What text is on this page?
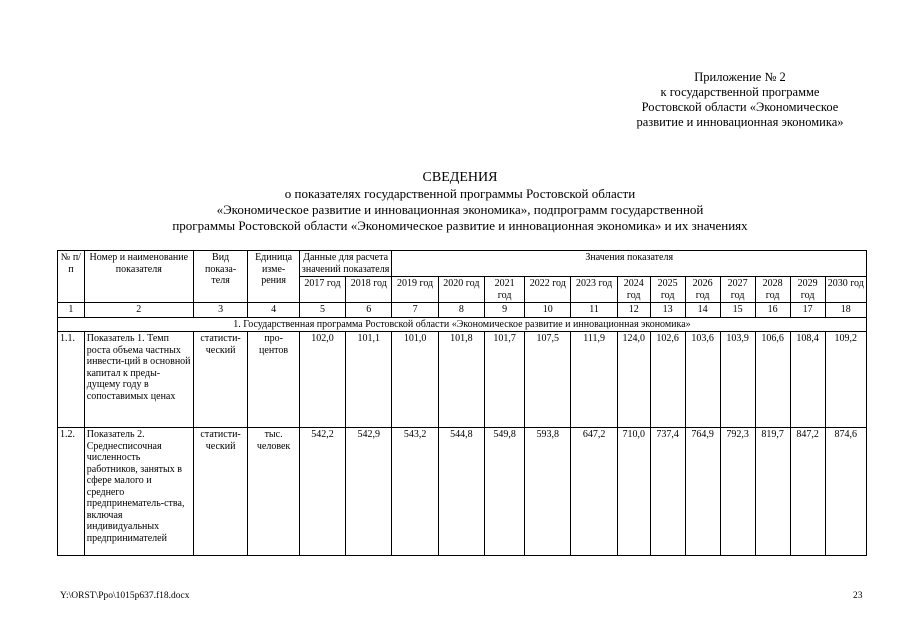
Приложение № 2
к государственной программе
Ростовской области «Экономическое
развитие и инновационная экономика»
СВЕДЕНИЯ
о показателях государственной программы Ростовской области
«Экономическое развитие и инновационная экономика», подпрограмм государственной
программы Ростовской области «Экономическое развитие и инновационная экономика» и их значениях
№ п/п	Номер и наименование показателя	Вид показа-теля	Единица изме-рения	Данные для расчета значений показателя		Значения показателя											

				2017 год	2018 год	2019 год	2020 год	2021 год	2022 год	2023 год	2024 год	2025 год	2026 год	2027 год	2028 год	2029 год	2030 год
1	2	3	4	5	6	7	8	9	10	11	12	13	14	15	16	17	18
1. Государственная программа Ростовской области «Экономическое развитие и инновационная экономика»																	
1.1.	Показатель 1. Темп роста объема частных инвести-ций в основной капитал к преды-дущему году в сопоставимых ценах	статисти-ческий	про-центов	102,0	101,1	101,0	101,8	101,7	107,5	111,9	124,0	102,6	103,6	103,9	106,6	108,4	109,2
1.2.	Показатель 2. Среднесписочная численность работников, занятых в сфере малого и среднего предпринематель-ства, включая индивидуальных предпринимателей	статисти-ческий	тыс. человек	542,2	542,9	543,2	544,8	549,8	593,8	647,2	710,0	737,4	764,9	792,3	819,7	847,2	874,6
Y:\ORST\Ppo\1015p637.f18.docx	23
